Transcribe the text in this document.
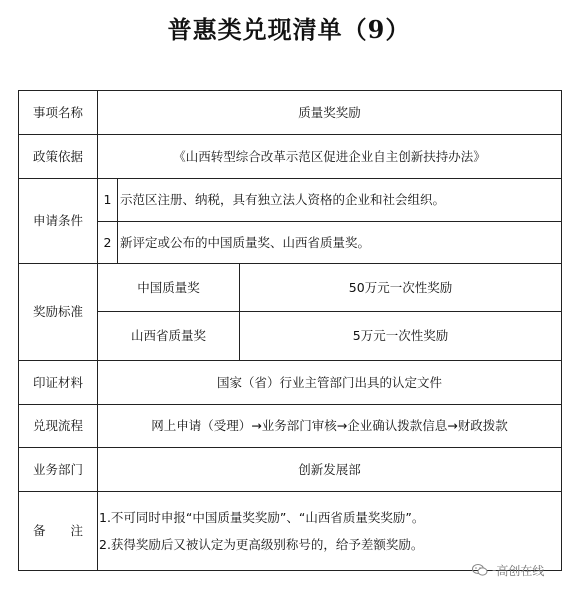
普惠类兑现清单（9）
事项名称	质量奖奖励
政策依据	《山西转型综合改革示范区促进企业自主创新扶持办法》
申请条件
1 示范区注册、纳税，具有独立法人资格的企业和社会组织。
2 新评定或公布的中国质量奖、山西省质量奖。
奖励标准
中国质量奖	50万元一次性奖励
山西省质量奖	5万元一次性奖励
印证材料	国家（省）行业主管部门出具的认定文件
兑现流程	网上申请（受理）→业务部门审核→企业确认拨款信息→财政拨款
业务部门	创新发展部
备　　注
1.不可同时申报“中国质量奖奖励”、“山西省质量奖奖励”。
2.获得奖励后又被认定为更高级别称号的，给予差额奖励。
- 高创在线
